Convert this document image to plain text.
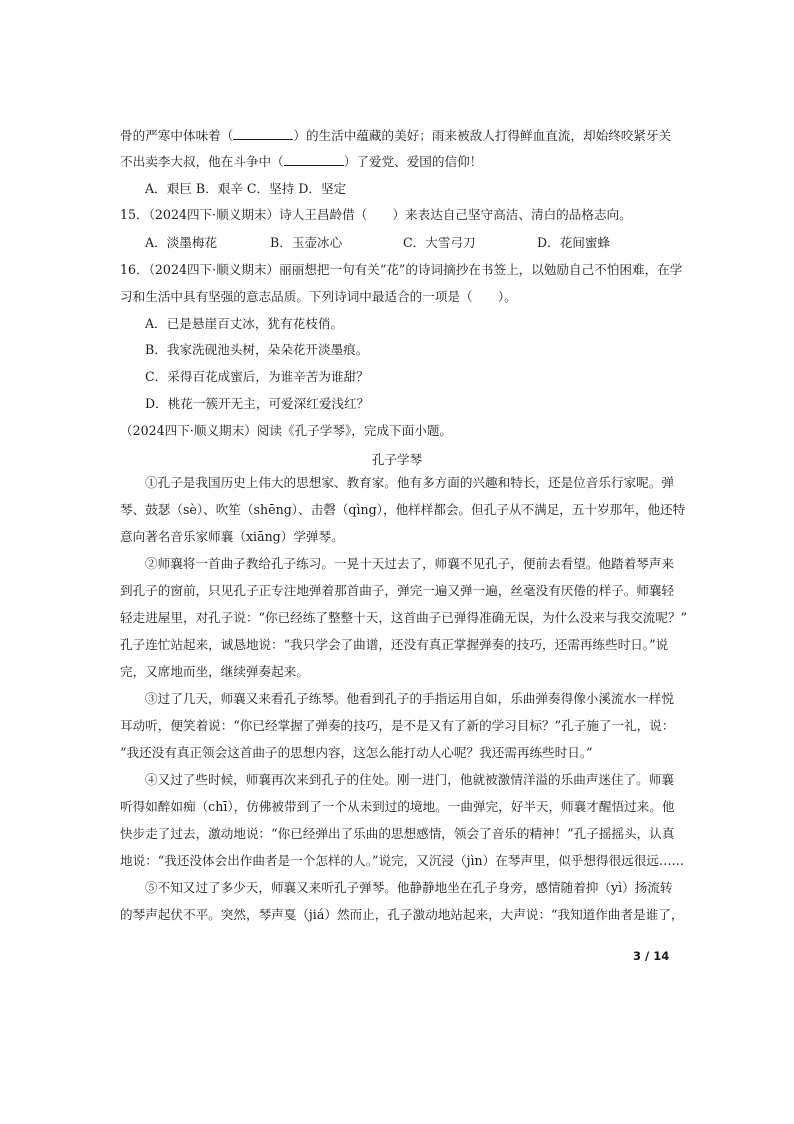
骨的严寒中体味着（	）的生活中蕴藏的美好；雨来被敌人打得鲜血直流，却始终咬紧牙关
不出卖李大叔，他在斗争中（	）了爱党、爱国的信仰！
A．艰巨 B．艰辛 C．坚持 D．坚定
15．（2024四下·顺义期末）诗人王昌龄借（　　）来表达自己坚守高洁、清白的品格志向。
A．淡墨梅花	B．玉壶冰心	C．大雪弓刀	D．花间蜜蜂
16．（2024四下·顺义期末）丽丽想把一句有关“花”的诗词摘抄在书签上，以勉励自己不怕困难，在学
习和生活中具有坚强的意志品质。下列诗词中最适合的一项是（　　）。
A．已是悬崖百丈冰，犹有花枝俏。
B．我家洗砚池头树，朵朵花开淡墨痕。
C．采得百花成蜜后，为谁辛苦为谁甜？
D．桃花一簇开无主，可爱深红爱浅红？
（2024四下·顺义期末）阅读《孔子学琴》，完成下面小题。
孔子学琴
①孔子是我国历史上伟大的思想家、教育家。他有多方面的兴趣和特长，还是位音乐行家呢。弹
琴、鼓瑟（sè）、吹笙（shēng）、击磬（qìng），他样样都会。但孔子从不满足，五十岁那年，他还特
意向著名音乐家师襄（xiāng）学弹琴。
②师襄将一首曲子教给孔子练习。一晃十天过去了，师襄不见孔子，便前去看望。他踏着琴声来
到孔子的窗前，只见孔子正专注地弹着那首曲子，弹完一遍又弹一遍，丝毫没有厌倦的样子。师襄轻
轻走进屋里，对孔子说：“你已经练了整整十天，这首曲子已弹得准确无误，为什么没来与我交流呢？”
孔子连忙站起来，诚恳地说：“我只学会了曲谱，还没有真正掌握弹奏的技巧，还需再练些时日。”说
完，又席地而坐，继续弹奏起来。
③过了几天，师襄又来看孔子练琴。他看到孔子的手指运用自如，乐曲弹奏得像小溪流水一样悦
耳动听，便笑着说：“你已经掌握了弹奏的技巧，是不是又有了新的学习目标？”孔子施了一礼，说：
“我还没有真正领会这首曲子的思想内容，这怎么能打动人心呢？我还需再练些时日。”
④又过了些时候，师襄再次来到孔子的住处。刚一进门，他就被激情洋溢的乐曲声迷住了。师襄
听得如醉如痴（chī），仿佛被带到了一个从未到过的境地。一曲弹完，好半天，师襄才醒悟过来。他
快步走了过去，激动地说：“你已经弹出了乐曲的思想感情，领会了音乐的精神！”孔子摇摇头，认真
地说：“我还没体会出作曲者是一个怎样的人。”说完，又沉浸（jìn）在琴声里，似乎想得很远很远……
⑤不知又过了多少天，师襄又来听孔子弹琴。他静静地坐在孔子身旁，感情随着抑（yì）扬流转
的琴声起伏不平。突然，琴声戛（jiá）然而止，孔子激动地站起来，大声说：“我知道作曲者是谁了，
3 / 14
